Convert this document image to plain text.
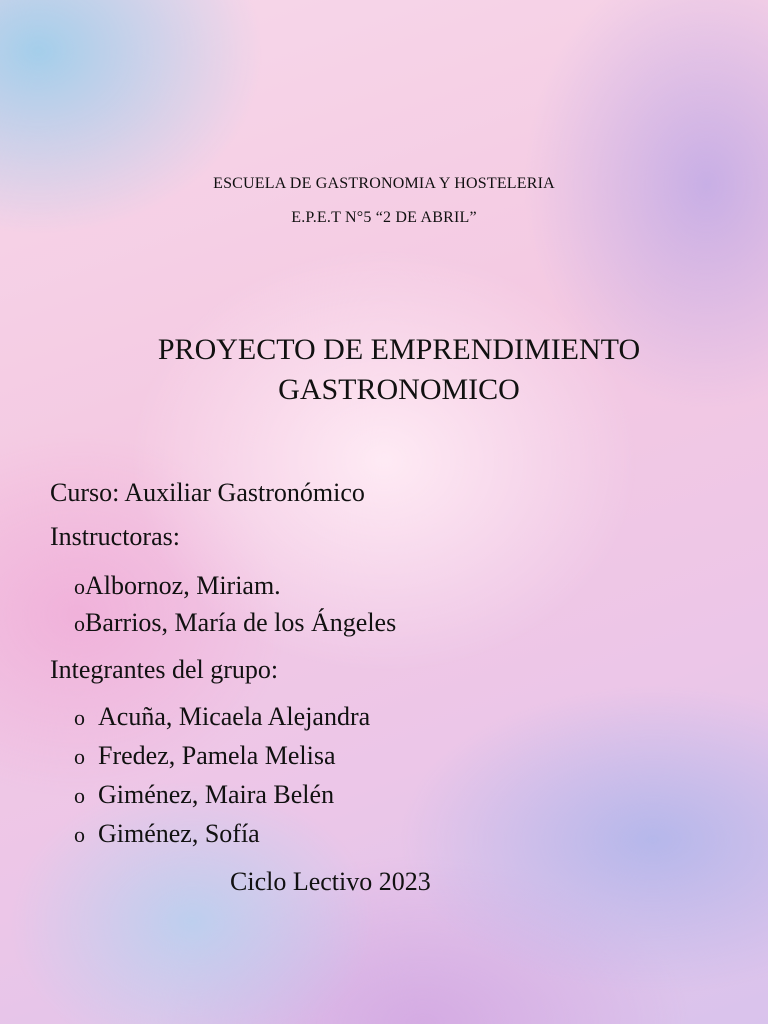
ESCUELA DE GASTRONOMIA Y HOSTELERIA
E.P.E.T N°5 “2 DE ABRIL”
PROYECTO DE EMPRENDIMIENTO
GASTRONOMICO
Curso: Auxiliar Gastronómico
Instructoras:
oAlbornoz, Miriam.
oBarrios, María de los Ángeles
Integrantes del grupo:
o Acuña, Micaela Alejandra
o Fredez, Pamela Melisa
o Giménez, Maira Belén
o Giménez, Sofía
Ciclo Lectivo 2023
